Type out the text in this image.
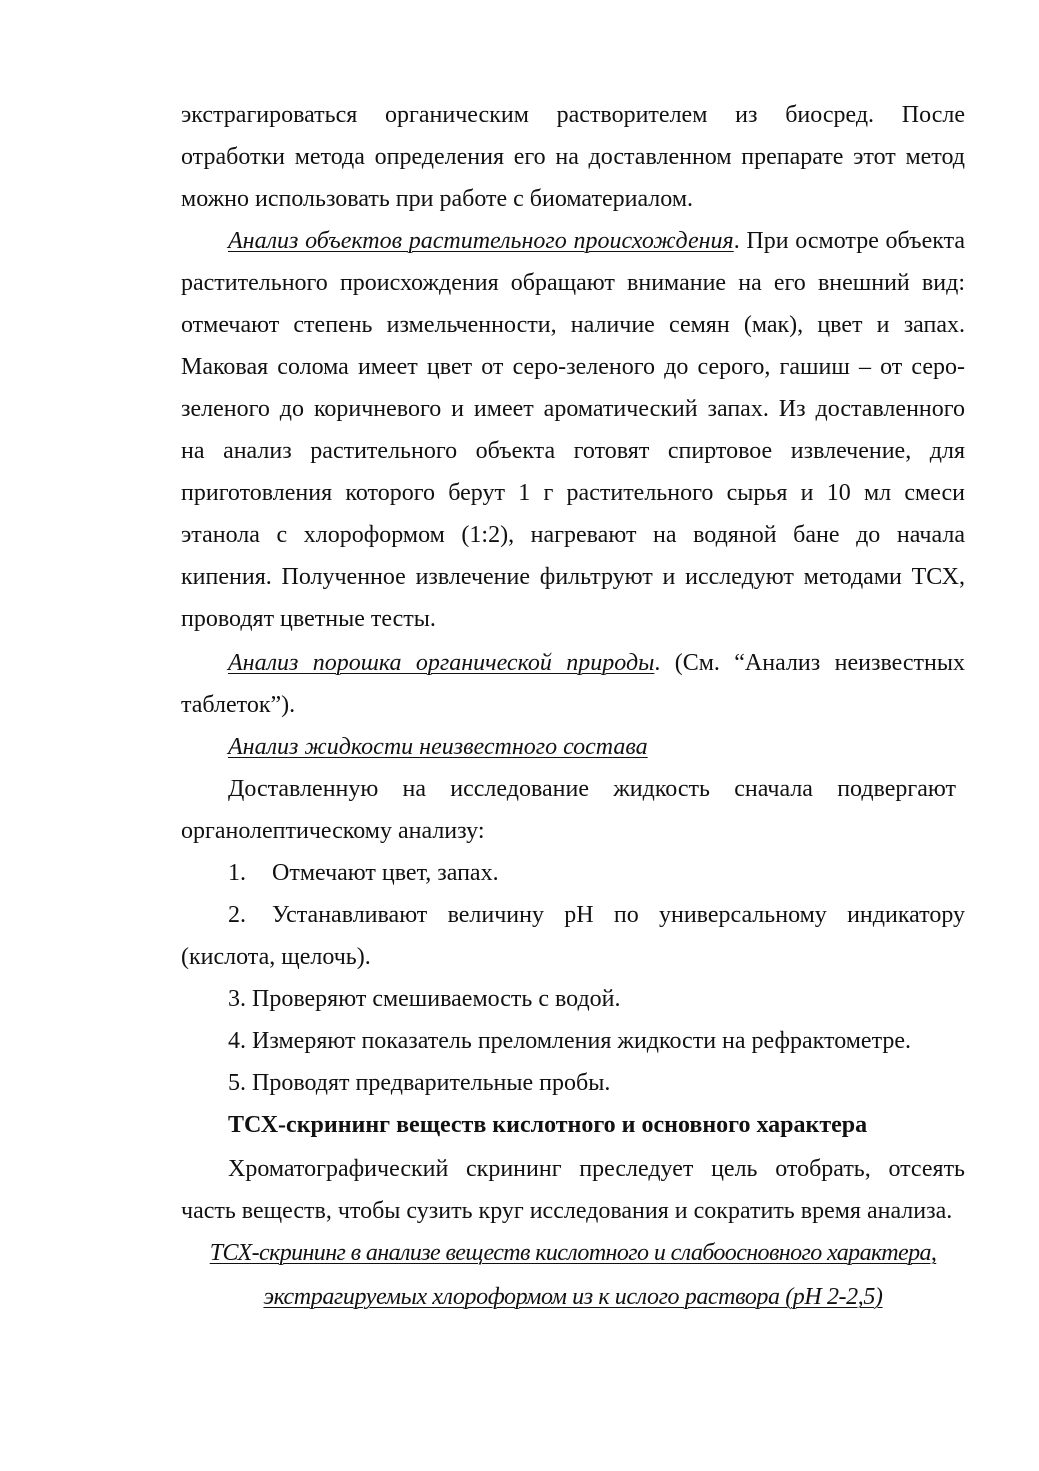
экстрагироваться органическим растворителем из биосред. После
отработки метода определения его на доставленном препарате этот метод
можно использовать при работе с биоматериалом.
Анализ объектов растительного происхождения. При осмотре объекта
растительного происхождения обращают внимание на его внешний вид:
отмечают степень измельченности, наличие семян (мак), цвет и запах.
Маковая солома имеет цвет от серо-зеленого до серого, гашиш – от серо-
зеленого до коричневого и имеет ароматический запах. Из доставленного
на анализ растительного объекта готовят спиртовое извлечение, для
приготовления которого берут 1 г растительного сырья и 10 мл смеси
этанола с хлороформом (1:2), нагревают на водяной бане до начала
кипения. Полученное извлечение фильтруют и исследуют методами ТСХ,
проводят цветные тесты.
Анализ порошка органической природы. (См. “Анализ неизвестных
таблеток”).
Анализ жидкости неизвестного состава
Доставленную на исследование жидкость сначала подвергают
органолептическому анализу:
1. Отмечают цвет, запах.
2.	Устанавливают величину pH по универсальному индикатору
(кислота, щелочь).
3. Проверяют смешиваемость с водой.
4. Измеряют показатель преломления жидкости на рефрактометре.
5. Проводят предварительные пробы.
ТСХ-скрининг веществ кислотного и основного характера
Хроматографический скрининг преследует цель отобрать, отсеять
часть веществ, чтобы сузить круг исследования и сократить время анализа.
ТСХ-скрининг в анализе веществ кислотного и слабоосновного характера,
экстрагируемых хлороформом из к ислого раствора (pH 2-2,5)
